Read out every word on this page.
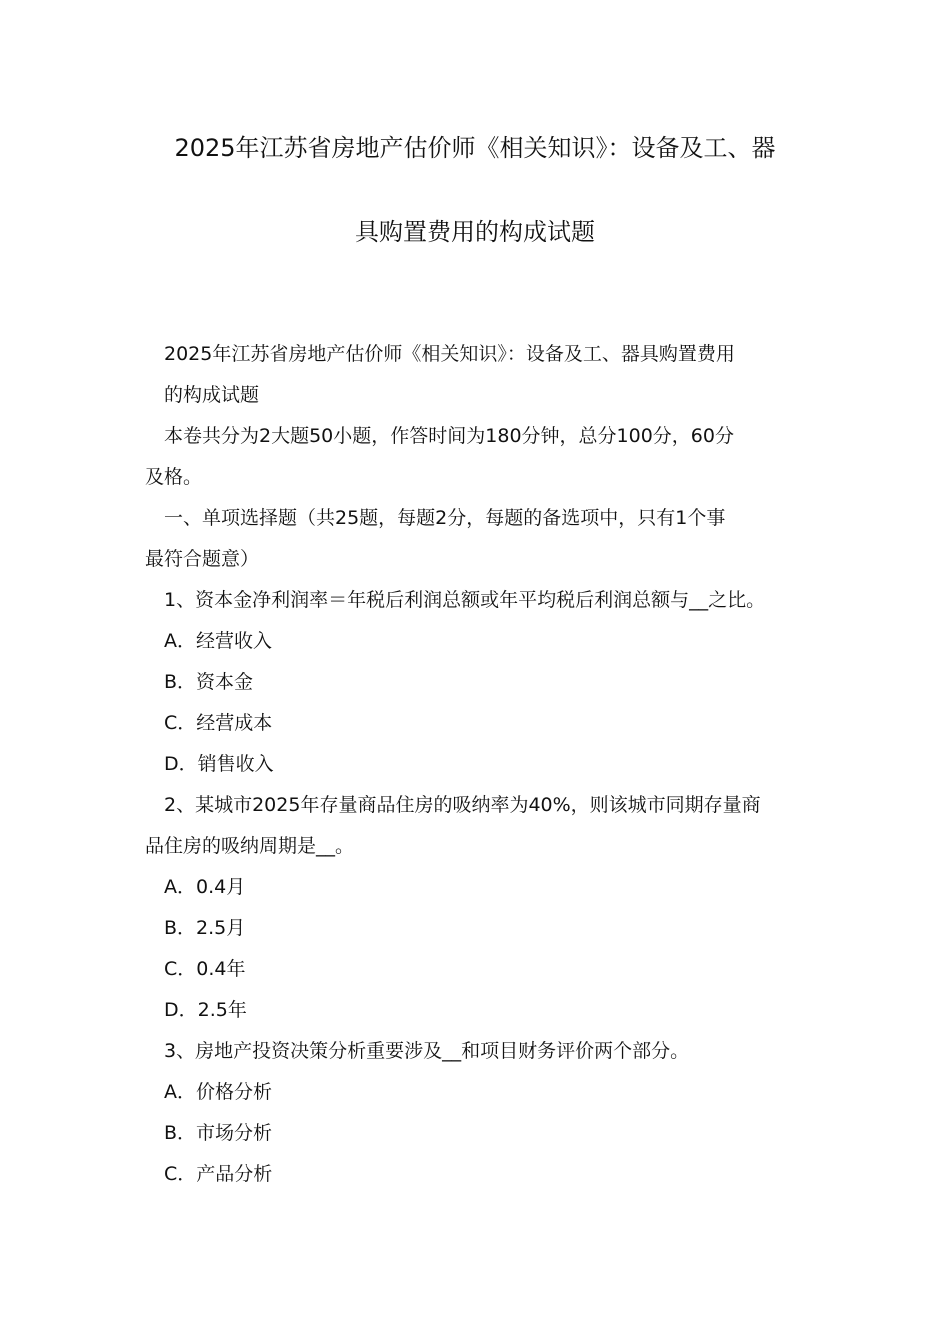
2025年江苏省房地产估价师《相关知识》：设备及工、器
具购置费用的构成试题
2025年江苏省房地产估价师《相关知识》：设备及工、器具购置费用
的构成试题
本卷共分为2大题50小题，作答时间为180分钟，总分100分，60分
及格。
一、单项选择题（共25题，每题2分，每题的备选项中，只有1个事
最符合题意）
1、资本金净利润率＝年税后利润总额或年平均税后利润总额与__之比。
A．经营收入
B．资本金
C．经营成本
D．销售收入
2、某城市2025年存量商品住房的吸纳率为40%，则该城市同期存量商
品住房的吸纳周期是__。
A．0.4月
B．2.5月
C．0.4年
D．2.5年
3、房地产投资决策分析重要涉及__和项目财务评价两个部分。
A．价格分析
B．市场分析
C．产品分析
